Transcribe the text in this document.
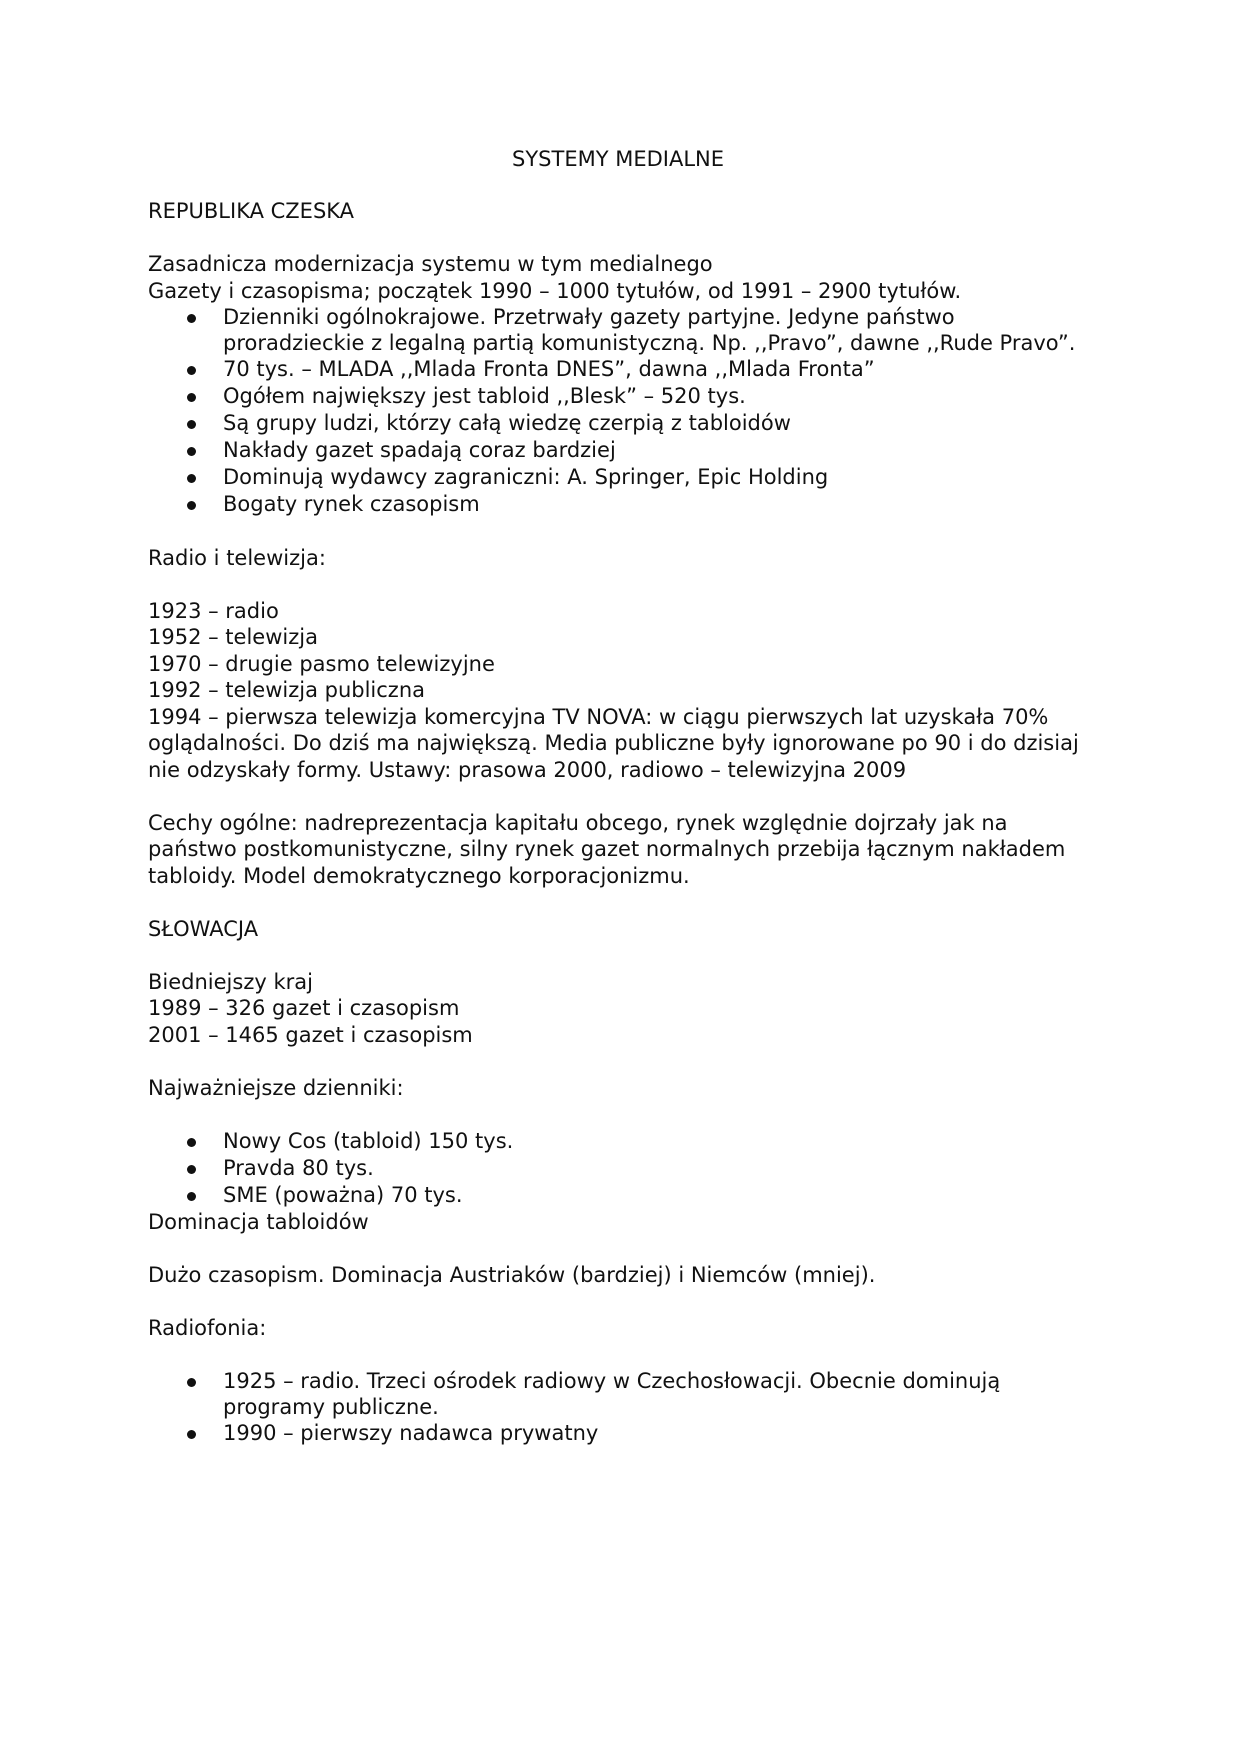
SYSTEMY MEDIALNE

REPUBLIKA CZESKA

Zasadnicza modernizacja systemu w tym medialnego

Gazety i czasopisma; początek 1990 – 1000 tytułów, od 1991 – 2900 tytułów.

Dzienniki ogólnokrajowe. Przetrwały gazety partyjne. Jedyne państwo proradzieckie z legalną partią komunistyczną. Np. ,,Pravo”, dawne ,,Rude Pravo”.
70 tys. – MLADA ,,Mlada Fronta DNES”, dawna ,,Mlada Fronta”
Ogółem największy jest tabloid ,,Blesk” – 520 tys.
Są grupy ludzi, którzy całą wiedzę czerpią z tabloidów
Nakłady gazet spadają coraz bardziej
Dominują wydawcy zagraniczni: A. Springer, Epic Holding
Bogaty rynek czasopism

Radio i telewizja:

1923 – radio

1952 – telewizja

1970 – drugie pasmo telewizyjne

1992 – telewizja publiczna

1994 – pierwsza telewizja komercyjna TV NOVA: w ciągu pierwszych lat uzyskała 70% oglądalności. Do dziś ma największą. Media publiczne były ignorowane po 90 i do dzisiaj nie odzyskały formy. Ustawy: prasowa 2000, radiowo – telewizyjna 2009

Cechy ogólne: nadreprezentacja kapitału obcego, rynek względnie dojrzały jak na państwo postkomunistyczne, silny rynek gazet normalnych przebija łącznym nakładem tabloidy. Model demokratycznego korporacjonizmu.

SŁOWACJA

Biedniejszy kraj

1989 – 326 gazet i czasopism

2001 – 1465 gazet i czasopism

Najważniejsze dzienniki:

Nowy Cos (tabloid) 150 tys.
Pravda 80 tys.
SME (poważna) 70 tys.

Dominacja tabloidów

Dużo czasopism. Dominacja Austriaków (bardziej) i Niemców (mniej).

Radiofonia:

1925 – radio. Trzeci ośrodek radiowy w Czechosłowacji. Obecnie dominują programy publiczne.
1990 – pierwszy nadawca prywatny
